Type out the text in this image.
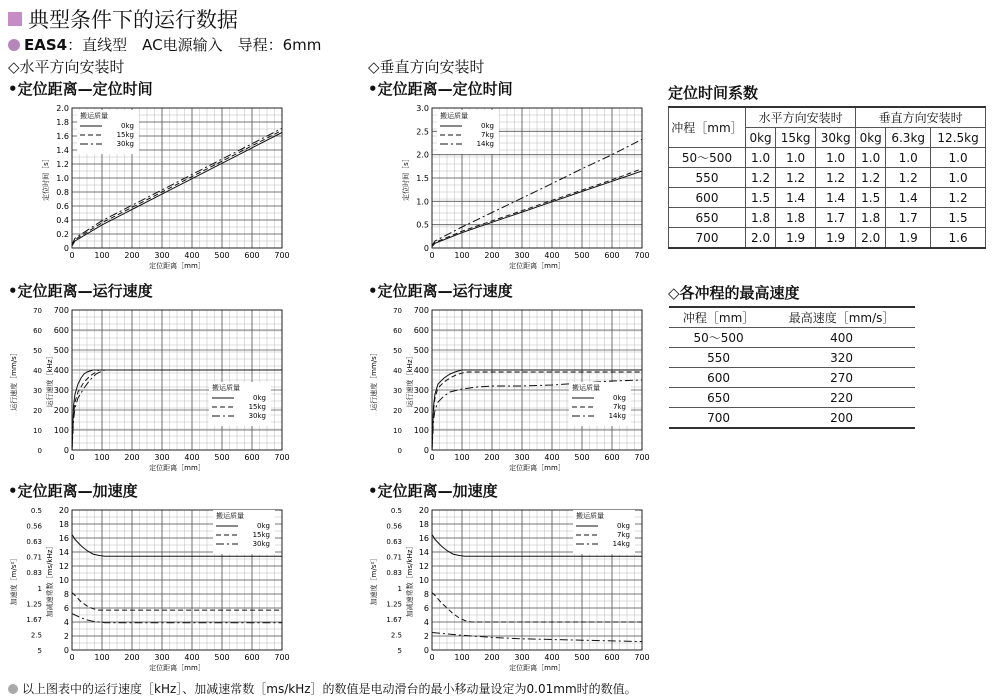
典型条件下的运行数据
EAS4 ：直线型　AC电源输入　导程：6mm
◇水平方向安装时	◇垂直方向安装时
•定位距离—定位时间	•定位距离—定位时间
•定位距离—运行速度	•定位距离—运行速度
•定位距离—加速度	•定位距离—加速度
0 100 200 300 400 500 600 700
0
0.2
0.4
0.6
0.8
1.0
1.2
1.4
1.6
1.8
2.0
定位距离［mm］
定位时间［s］
搬运质量
0kg
15kg
30kg
0 100 200 300 400 500 600 700
0
0.5
1.0
1.5
2.0
2.5
3.0
定位距离［mm］
定位时间［s］
搬运质量
0kg
7kg
14kg
0 100 200 300 400 500 600 700
0
100
200
300
400
500
600
700
0
10
20
30
40
50
60
70
定位距离［mm］
运行速度［kHz］
运行速度［mm/s］	搬运质量
0kg
15kg
30kg
0 100 200 300 400 500 600 700
0
100
200
300
400
500
600
700
0
10
20
30
40
50
60
70
定位距离［mm］
运行速度［kHz］
运行速度［mm/s］	搬运质量
0kg
7kg
14kg
0 100 200 300 400 500 600 700
0
2
4
6
8
10
12
14
16
18
20
5
2.5
1.67
1.25
1
0.83
0.71
0.63
0.56
0.5
定位距离［mm］
加减速常数［ms/kHz］
加速度［m/s²］
搬运质量
0kg
15kg
30kg
0 100 200 300 400 500 600 700
0
2
4
6
8
10
12
14
16
18
20
5
2.5
1.67
1.25
1
0.83
0.71
0.63
0.56
0.5
定位距离［mm］
加减速常数［ms/kHz］
加速度［m/s²］
搬运质量
0kg
7kg
14kg
定位时间系数
冲程［mm］	水平方向安装时			垂直方向安装时		
	0kg	15kg	30kg	0kg	6.3kg	12.5kg
50～500	1.0	1.0	1.0	1.0	1.0	1.0
550	1.2	1.2	1.2	1.2	1.2	1.0
600	1.5	1.4	1.4	1.5	1.4	1.2
650	1.8	1.8	1.7	1.8	1.7	1.5
700	2.0	1.9	1.9	2.0	1.9	1.6
◇各冲程的最高速度
冲程［mm］	最高速度［mm/s］
50～500	400
550	320
600	270
650	220
700	200
以上图表中的运行速度［kHz］、加减速常数［ms/kHz］的数值是电动滑台的最小移动量设定为0.01mm时的数值。
